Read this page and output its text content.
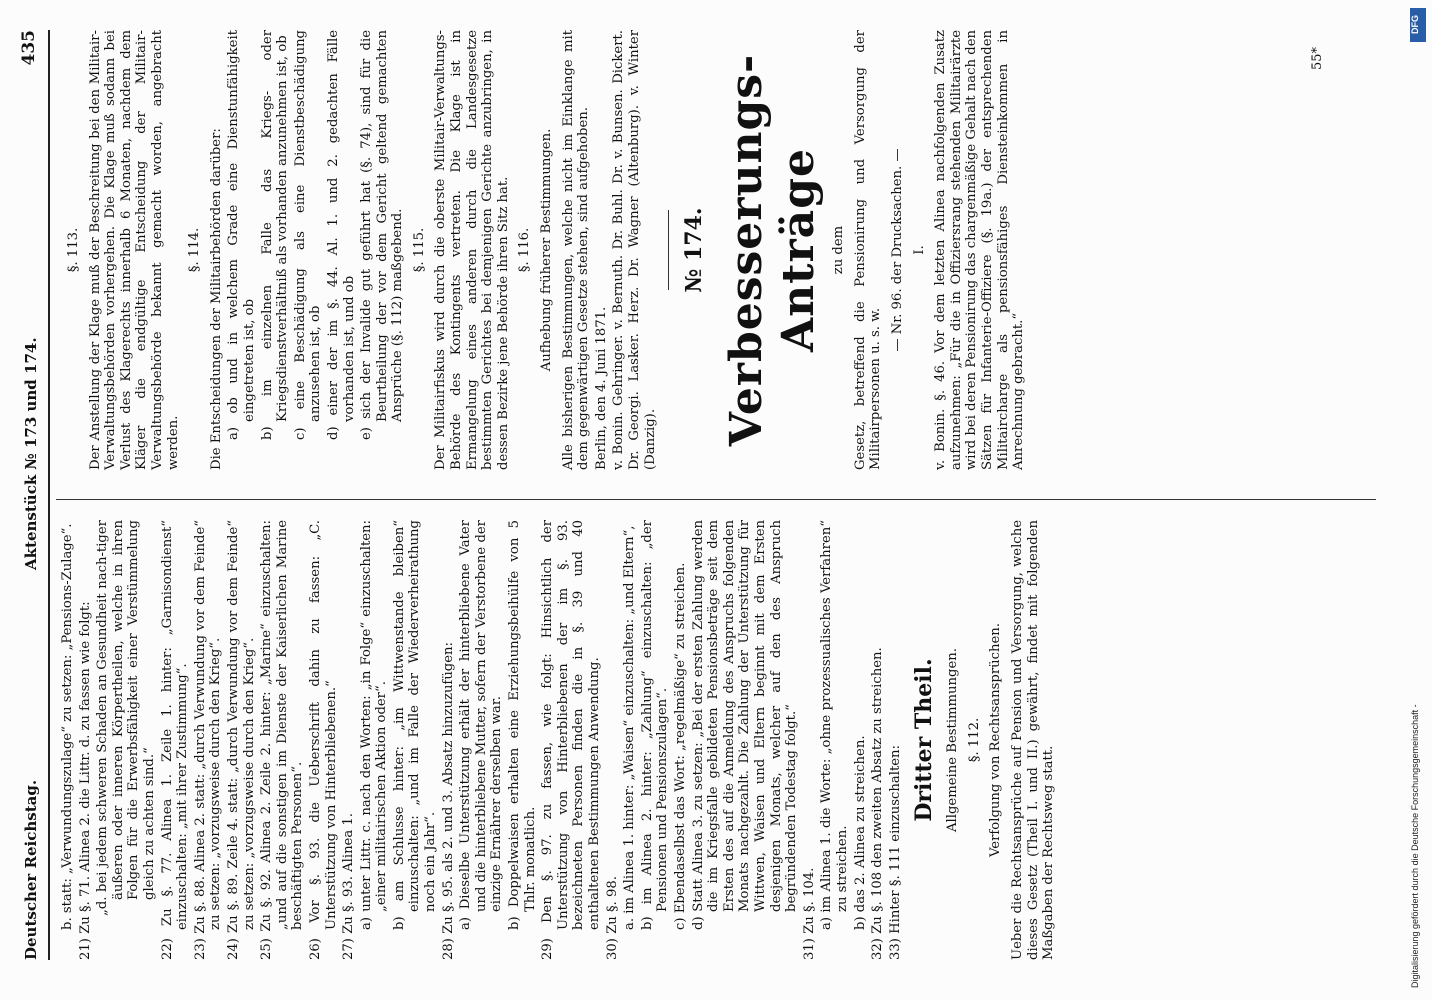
Deutscher Reichstag.
Aktenstück № 173 und 174.
435

b. statt: „Verwundungszulage“ zu setzen: „Pensions-Zulage“. 21) Zu §. 71. Alinea 2. die Littr. d. zu fassen wie folgt: „d. bei jedem schweren Schaden an Gesundheit nach-tiger äußeren oder inneren Körpertheilen, welche in ihren Folgen für die Erwerbsfähigkeit einer Verstümmelung gleich zu achten sind.“ 22) Zu §. 77. Alinea 1. Zeile 1. hinter: „Garnisondienst“ einzuschalten: „mit ihrer Zustimmung“. 23) Zu §. 88. Alinea 2. statt: „durch Verwundung vor dem Feinde“ zu setzen: „vorzugsweise durch den Krieg“. 24) Zu §. 89. Zeile 4. statt: „durch Verwundung vor dem Feinde“ zu setzen: „vorzugsweise durch den Krieg“. 25) Zu §. 92. Alinea 2. Zeile 2. hinter: „Marine“ einzuschalten: „und auf die sonstigen im Dienste der Kaiserlichen Marine beschäftigten Personen“. 26) Vor §. 93. die Ueberschrift dahin zu fassen: „C. Unterstützung von Hinterbliebenen.“ 27) Zu §. 93. Alinea 1. a) unter Littr. c. nach den Worten: „in Folge“ einzuschalten: „einer militairischen Aktion oder“. b) am Schlusse hinter: „im Wittwenstande bleiben“ einzuschalten: „und im Falle der Wiederverheirathung noch ein Jahr“. 28) Zu §. 95. als 2. und 3. Absatz hinzuzufügen: a) Dieselbe Unterstützung erhält der hinterbliebene Vater und die hinterbliebene Mutter, sofern der Verstorbene der einzige Ernährer derselben war. b) Doppelwaisen erhalten eine Erziehungsbeihülfe von 5 Thlr. monatlich. 29) Den §. 97. zu fassen, wie folgt: Hinsichtlich der Unterstützung von Hinterbliebenen der im §. 93. bezeichneten Personen finden die in §. 39 und 40 enthaltenen Bestimmungen Anwendung. 30) Zu §. 98. a. im Alinea 1. hinter: „Waisen“ einzuschalten: „und Eltern“, b) im Alinea 2. hinter: „Zahlung“ einzuschalten: „der Pensionen und Pensionszulagen“. c) Ebendaselbst das Wort: „regelmäßige“ zu streichen. d) Statt Alinea 3. zu setzen: „Bei der ersten Zahlung werden die im Kriegsfalle gebildeten Pensionsbeträge seit dem Ersten des auf die Anmeldung des Anspruchs folgenden Monats nachgezahlt. Die Zahlung der Unterstützung für Wittwen, Waisen und Eltern beginnt mit dem Ersten desjenigen Monats, welcher auf den des Anspruch begründenden Todestag folgt.“

31) Zu §. 104. a) im Alinea 1. die Worte: „ohne prozessualisches Verfahren“ zu streichen. b) das 2. Alinea zu streichen. 32) Zu §. 108 den zweiten Absatz zu streichen. 33) Hinter §. 111 einzuschalten:

Dritter Theil. Allgemeine Bestimmungen. §. 112. Verfolgung von Rechtsansprüchen. Ueber die Rechtsansprüche auf Pension und Versorgung, welche dieses Gesetz (Theil I. und II.) gewährt, findet mit folgenden Maßgaben der Rechtsweg statt.

§. 113. Der Anstellung der Klage muß der Beschreitung bei den Militair-Verwaltungsbehörden vorhergehen. Die Klage muß sodann bei Verlust des Klagerechts innerhalb 6 Monaten, nachdem dem Kläger die endgültige Entscheidung der Militair-Verwaltungsbehörde bekannt gemacht worden, angebracht werden.

§. 114. Die Entscheidungen der Militairbehörden darüber: a) ob und in welchem Grade eine Dienstunfähigkeit eingetreten ist, ob b) im einzelnen Falle das Kriegs- oder Kriegsdienstverhältniß als vorhanden anzunehmen ist, ob c) eine Beschädigung als eine Dienstbeschädigung anzusehen ist, ob d) einer der im §. 44. Al. 1. und 2. gedachten Fälle vorhanden ist, und ob e) sich der Invalide gut geführt hat (§. 74), sind für die Beurtheilung der vor dem Gericht geltend gemachten Ansprüche (§. 112) maßgebend. §. 115. Der Militairfiskus wird durch die oberste Militair-Verwaltungs-Behörde des Kontingents vertreten. Die Klage ist in Ermangelung eines anderen durch die Landesgesetze bestimmten Gerichtes bei demjenigen Gerichte anzubringen, in dessen Bezirke jene Behörde ihren Sitz hat. §. 116. Aufhebung früherer Bestimmungen. Alle bisherigen Bestimmungen, welche nicht im Einklange mit dem gegenwärtigen Gesetze stehen, sind aufgehoben. Berlin, den 4. Juni 1871. v. Bonin. Gehringer. v. Bernuth. Dr. Buhl. Dr. v. Bunsen. Dickert. Dr. Georgi. Lasker. Herz. Dr. Wagner (Altenburg). v. Winter (Danzig).

№ 174. Verbesserungs-Anträge zu dem Gesetz, betreffend die Pensionirung und Versorgung der Militairpersonen u. s. w.

— Nr. 96. der Drucksachen. — I. v. Bonin. §. 46. Vor dem letzten Alinea nachfolgenden Zusatz aufzunehmen: „Für die in Offiziersrang stehenden Militairärzte wird bei deren Pensionirung das chargenmäßige Gehalt nach den Sätzen für Infanterie-Offiziere (§. 19a.) der entsprechenden Militaircharge als pensionsfähiges Diensteinkommen in Anrechnung gebracht.“

55*
DFG
Digitalisierung gefördert durch die Deutsche Forschungsgemeinschaft -
